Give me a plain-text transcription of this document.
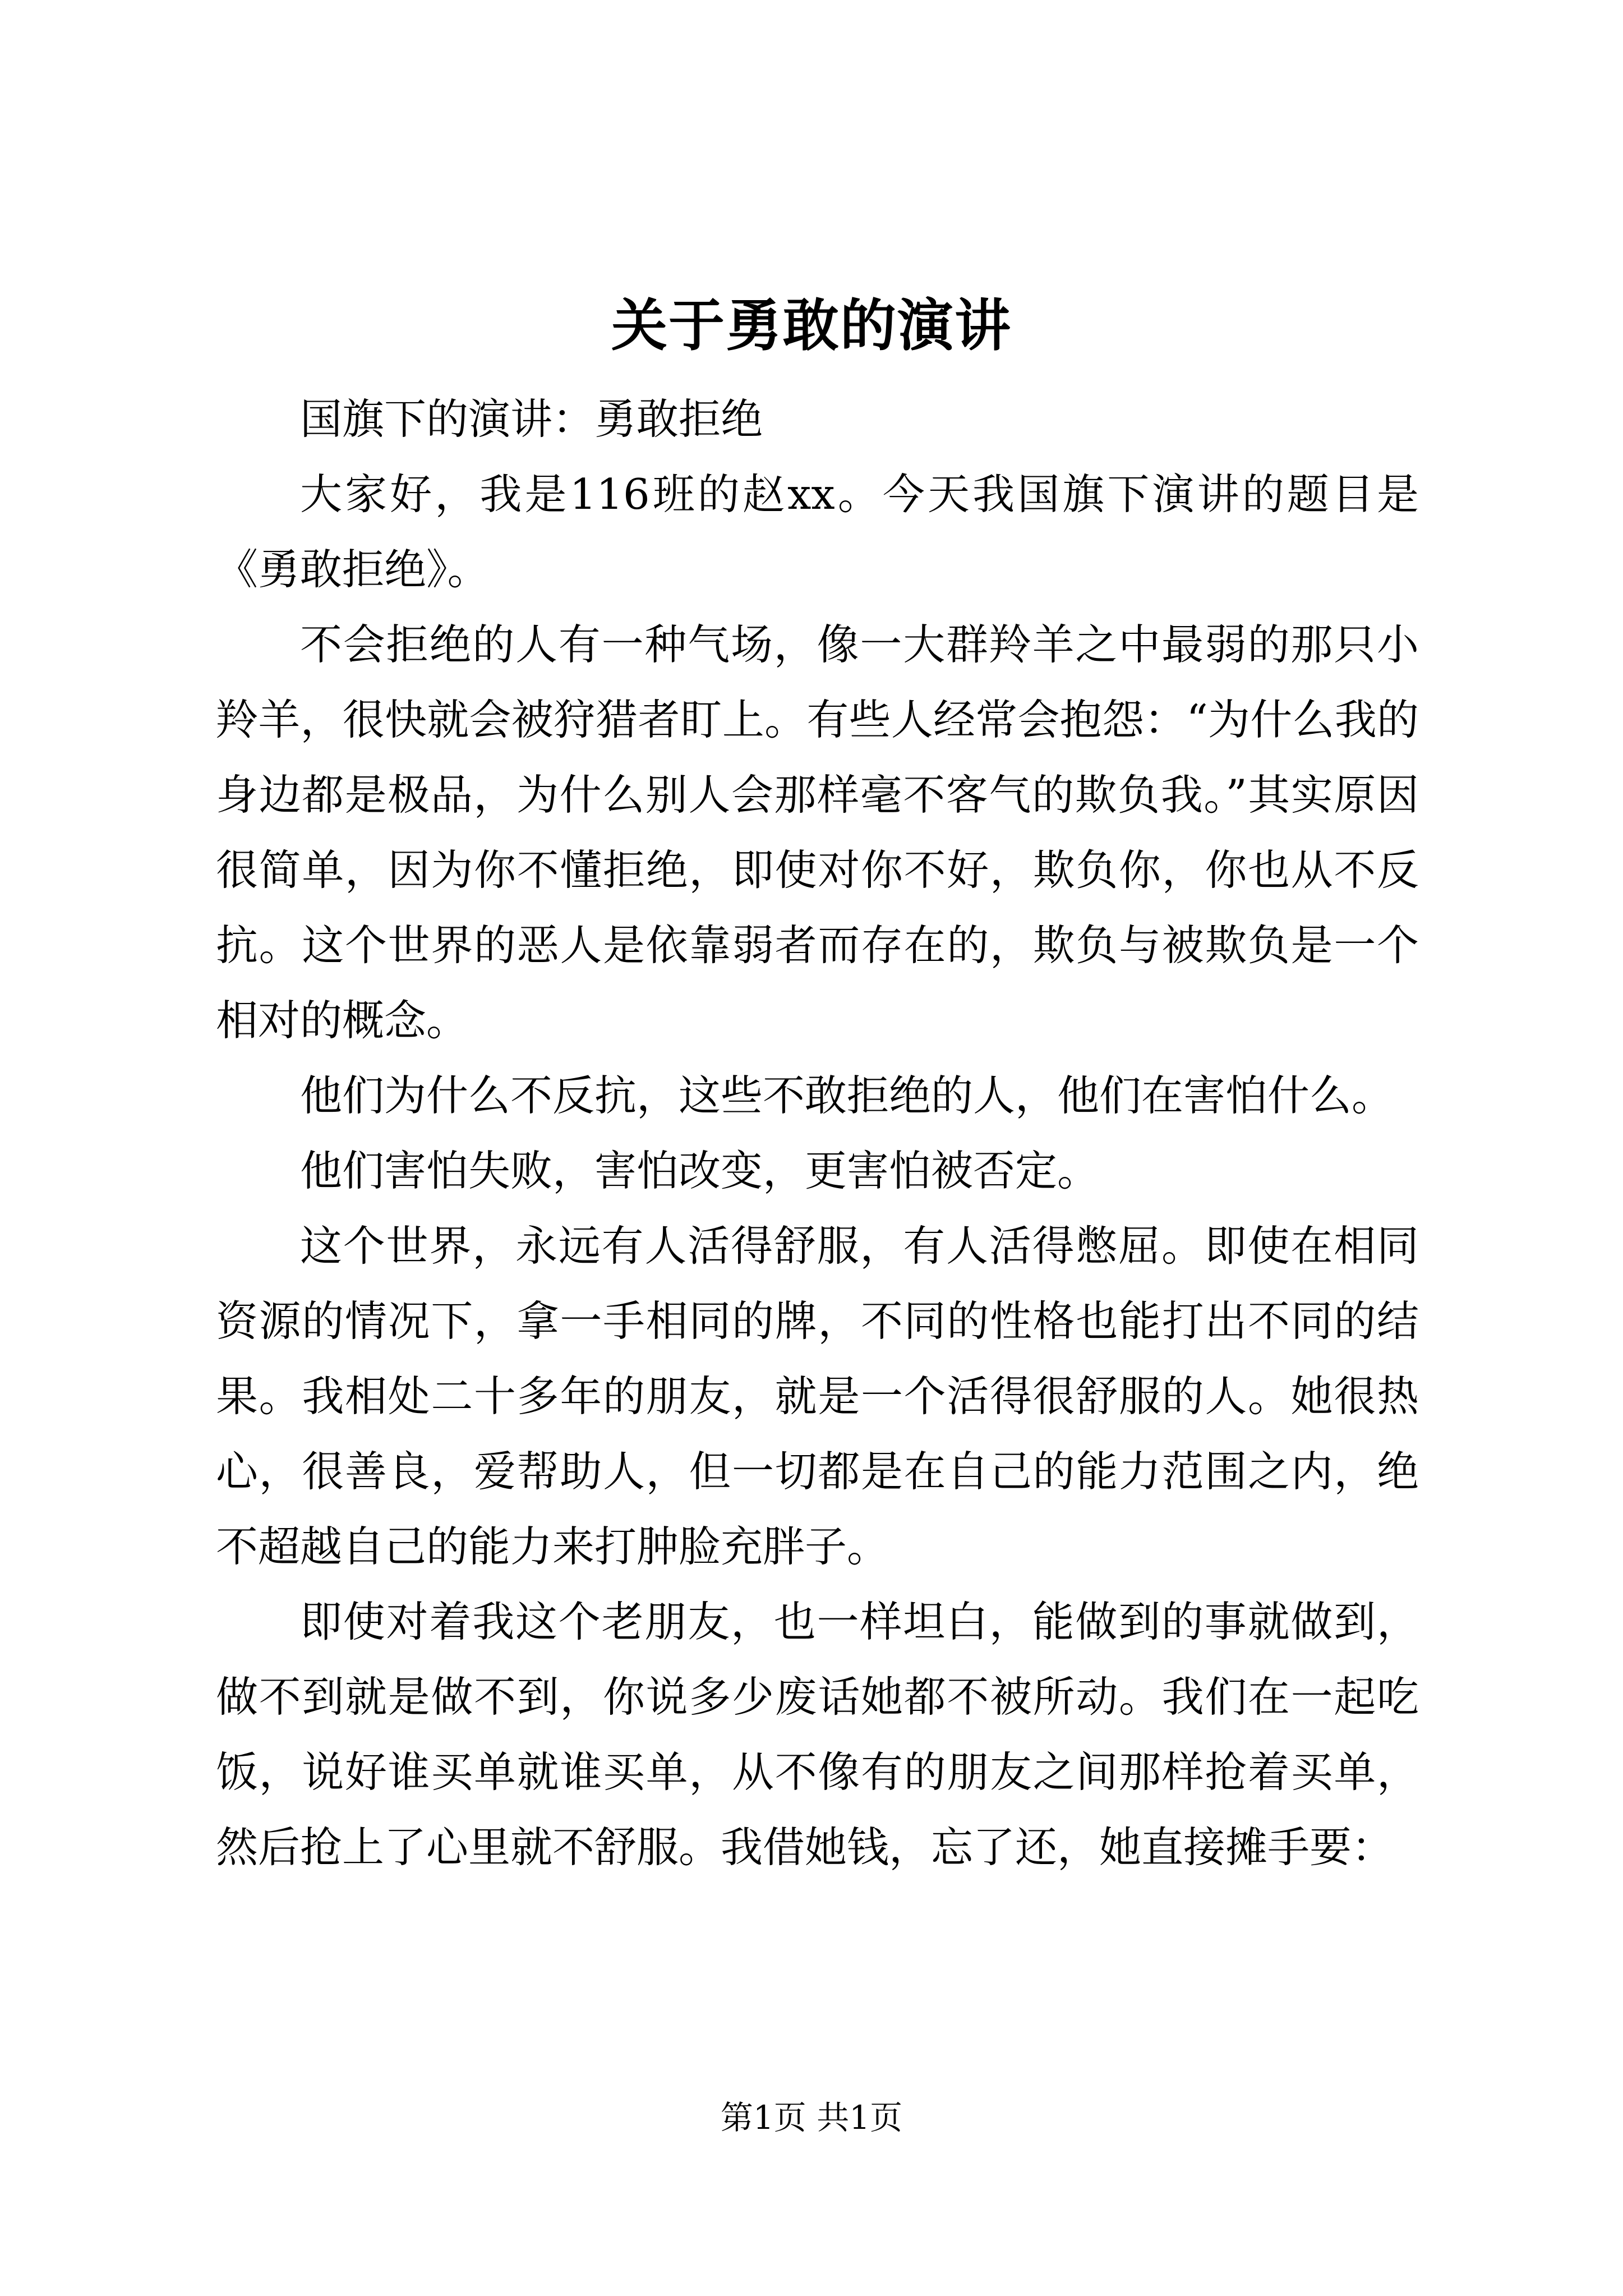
关于勇敢的演讲

国旗下的演讲：勇敢拒绝

大家好，我是116班的赵xx。今天我国旗下演讲的题目是《勇敢拒绝》。

不会拒绝的人有一种气场，像一大群羚羊之中最弱的那只小羚羊，很快就会被狩猎者盯上。有些人经常会抱怨：“为什么我的身边都是极品，为什么别人会那样毫不客气的欺负我。”其实原因很简单，因为你不懂拒绝，即使对你不好，欺负你，你也从不反抗。这个世界的恶人是依靠弱者而存在的，欺负与被欺负是一个相对的概念。

他们为什么不反抗，这些不敢拒绝的人，他们在害怕什么。

他们害怕失败，害怕改变，更害怕被否定。

这个世界，永远有人活得舒服，有人活得憋屈。即使在相同资源的情况下，拿一手相同的牌，不同的性格也能打出不同的结果。我相处二十多年的朋友，就是一个活得很舒服的人。她很热心，很善良，爱帮助人，但一切都是在自己的能力范围之内，绝不超越自己的能力来打肿脸充胖子。

即使对着我这个老朋友，也一样坦白，能做到的事就做到，做不到就是做不到，你说多少废话她都不被所动。我们在一起吃饭，说好谁买单就谁买单，从不像有的朋友之间那样抢着买单，然后抢上了心里就不舒服。我借她钱，忘了还，她直接摊手要：

第1页 共1页
